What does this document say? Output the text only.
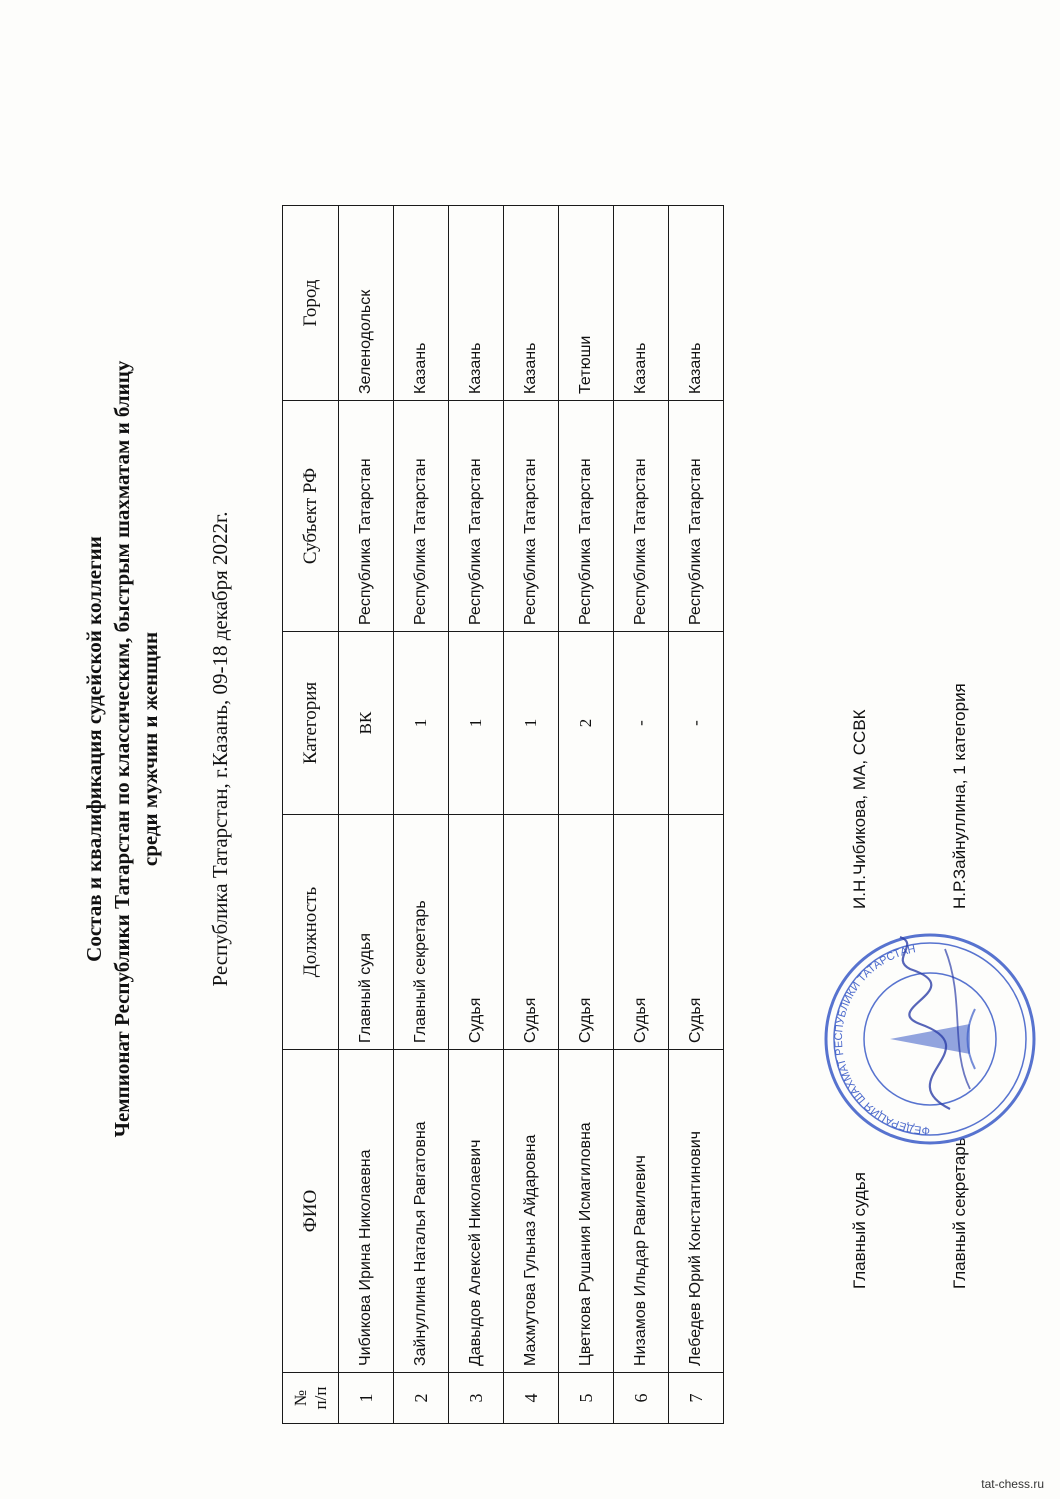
Состав и квалификация судейской коллегии Чемпионат Республики Татарстан по классическим, быстрым шахматам и блицу среди мужчин и женщин Республика Татарстан, г.Казань, 09-18 декабря 2022г.
№
п/п	ФИО	Должность	Категория	Субъект РФ	Город
1	Чибикова Ирина Николаевна	Главный судья	ВК	Республика Татарстан	Зеленодольск
2	Зайнуллина Наталья Равгатовна	Главный секретарь	1	Республика Татарстан	Казань
3	Давыдов Алексей Николаевич	Судья	1	Республика Татарстан	Казань
4	Махмутова Гульназ Айдаровна	Судья	1	Республика Татарстан	Казань
5	Цветкова Рушания Исмагиловна	Судья	2	Республика Татарстан	Тетюши
6	Низамов Ильдар Равилевич	Судья	-	Республика Татарстан	Казань
7	Лебедев Юрий Константинович	Судья	-	Республика Татарстан	Казань
Главный судья
И.Н.Чибикова, МА, ССВК
Главный секретарь
Н.Р.Зайнуллина, 1 категория
ФЕДЕРАЦИЯ ШАХМАТ РЕСПУБЛИКИ ТАТАРСТАН
tat-chess.ru
